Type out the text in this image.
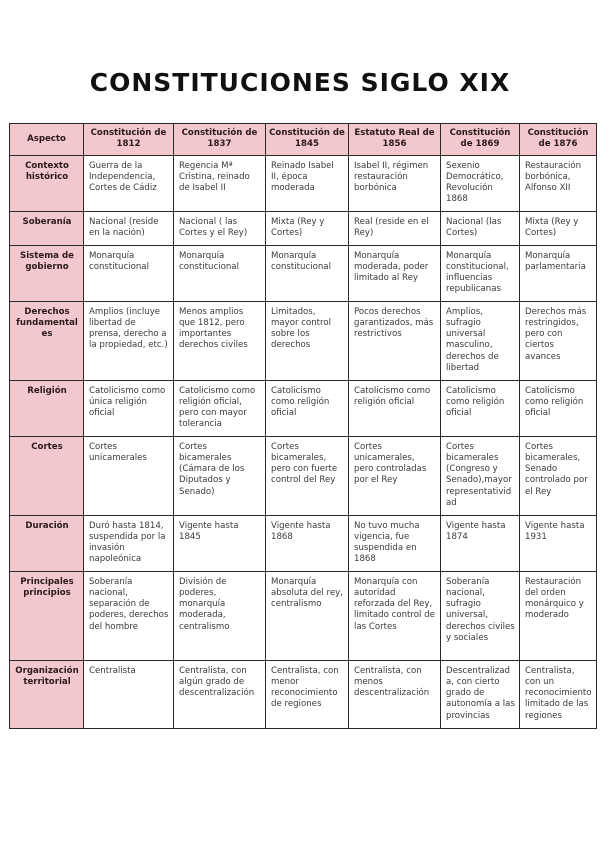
CONSTITUCIONES SIGLO XIX
Aspecto	Constitución de 1812	Constitución de 1837	Constitución de 1845	Estatuto Real de 1856	Constitución de 1869	Constitución de 1876
Contexto histórico	Guerra de la Independencia, Cortes de Cádiz	Regencia Mª Cristina, reinado de Isabel II	Reinado Isabel II, época moderada	Isabel II, régimen restauración borbónica	Sexenio Democrático, Revolución 1868	Restauración borbónica, Alfonso XII
Soberanía	Nacional (reside en la nación)	Nacional ( las Cortes y el Rey)	Mixta (Rey y Cortes)	Real (reside en el Rey)	Nacional (las Cortes)	Mixta (Rey y Cortes)
Sistema de gobierno	Monarquía constitucional	Monarquía constitucional	Monarquía constitucional	Monarquía moderada, poder limitado al Rey	Monarquía constitucional, influencias republicanas	Monarquía parlamentaria
Derechos fundamentales	Amplios (incluye libertad de prensa, derecho a la propiedad, etc.)	Menos amplios que 1812, pero importantes derechos civiles	Limitados, mayor control sobre los derechos	Pocos derechos garantizados, más restrictivos	Amplios, sufragio universal masculino, derechos de libertad	Derechos más restringidos, pero con ciertos avances
Religión	Catolicismo como única religión oficial	Catolicismo como religión oficial, pero con mayor tolerancia	Catolicismo como religión oficial	Catolicismo como religión oficial	Catolicismo como religión oficial	Catolicismo como religión oficial
Cortes	Cortes unicamerales	Cortes bicamerales (Cámara de los Diputados y Senado)	Cortes bicamerales, pero con fuerte control del Rey	Cortes unicamerales, pero controladas por el Rey	Cortes bicamerales (Congreso y Senado),mayor representatividad	Cortes bicamerales, Senado controlado por el Rey
Duración	Duró hasta 1814, suspendida por la invasión napoleónica	Vigente hasta 1845	Vigente hasta 1868	No tuvo mucha vigencia, fue suspendida en 1868	Vigente hasta 1874	Vigente hasta 1931
Principales principios	Soberanía nacional, separación de poderes, derechos del hombre	División de poderes, monarquía moderada, centralismo	Monarquía absoluta del rey, centralismo	Monarquía con autoridad reforzada del Rey, limitado control de las Cortes	Soberanía nacional, sufragio universal, derechos civiles y sociales	Restauración del orden monárquico y moderado
Organización territorial	Centralista	Centralista, con algún grado de descentralización	Centralista, con menor reconocimiento de regiones	Centralista, con menos descentralización	Descentralizada, con cierto grado de autonomía a las provincias	Centralista, con un reconocimiento limitado de las regiones
